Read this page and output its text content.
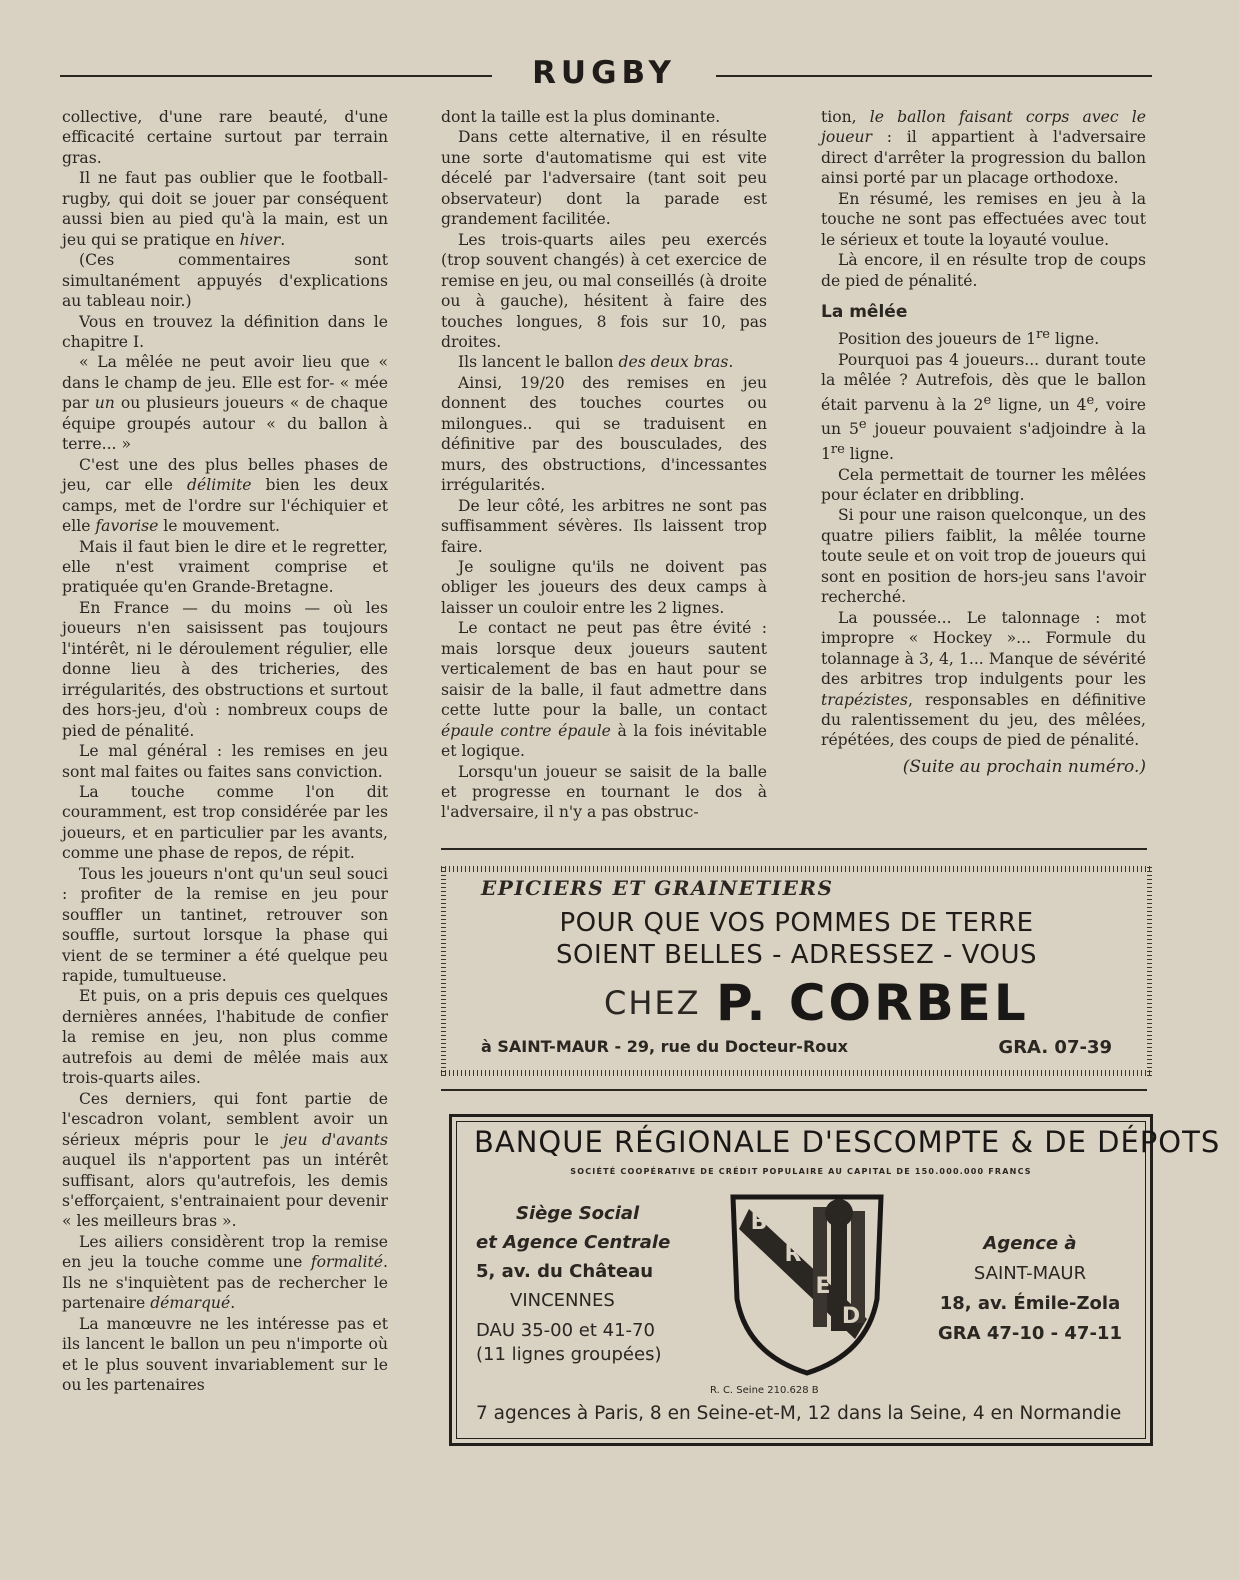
RUGBY

collective, d'une rare beauté, d'une efficacité certaine surtout par terrain gras.

Il ne faut pas oublier que le football-rugby, qui doit se jouer par conséquent aussi bien au pied qu'à la main, est un jeu qui se pratique en hiver.

(Ces commentaires sont simultanément appuyés d'explications au tableau noir.)

Vous en trouvez la définition dans le chapitre I.

« La mêlée ne peut avoir lieu que « dans le champ de jeu. Elle est for- « mée par un ou plusieurs joueurs « de chaque équipe groupés autour « du ballon à terre... »

C'est une des plus belles phases de jeu, car elle délimite bien les deux camps, met de l'ordre sur l'échiquier et elle favorise le mouvement.

Mais il faut bien le dire et le regretter, elle n'est vraiment comprise et pratiquée qu'en Grande-Bretagne.

En France — du moins — où les joueurs n'en saisissent pas toujours l'intérêt, ni le déroulement régulier, elle donne lieu à des tricheries, des irrégularités, des obstructions et surtout des hors-jeu, d'où : nombreux coups de pied de pénalité.

Le mal général : les remises en jeu sont mal faites ou faites sans conviction.

La touche comme l'on dit couramment, est trop considérée par les joueurs, et en particulier par les avants, comme une phase de repos, de répit.

Tous les joueurs n'ont qu'un seul souci : profiter de la remise en jeu pour souffler un tantinet, retrouver son souffle, surtout lorsque la phase qui vient de se terminer a été quelque peu rapide, tumultueuse.

Et puis, on a pris depuis ces quelques dernières années, l'habitude de confier la remise en jeu, non plus comme autrefois au demi de mêlée mais aux trois-quarts ailes.

Ces derniers, qui font partie de l'escadron volant, semblent avoir un sérieux mépris pour le jeu d'avants auquel ils n'apportent pas un intérêt suffisant, alors qu'autrefois, les demis s'efforçaient, s'entrainaient pour devenir « les meilleurs bras ».

Les ailiers considèrent trop la remise en jeu la touche comme une formalité. Ils ne s'inquiètent pas de rechercher le partenaire démarqué.

La manœuvre ne les intéresse pas et ils lancent le ballon un peu n'importe où et le plus souvent invariablement sur le ou les partenaires

dont la taille est la plus dominante.

Dans cette alternative, il en résulte une sorte d'automatisme qui est vite décelé par l'adversaire (tant soit peu observateur) dont la parade est grandement facilitée.

Les trois-quarts ailes peu exercés (trop souvent changés) à cet exercice de remise en jeu, ou mal conseillés (à droite ou à gauche), hésitent à faire des touches longues, 8 fois sur 10, pas droites.

Ils lancent le ballon des deux bras.

Ainsi, 19/20 des remises en jeu donnent des touches courtes ou milongues.. qui se traduisent en définitive par des bousculades, des murs, des obstructions, d'incessantes irrégularités.

De leur côté, les arbitres ne sont pas suffisamment sévères. Ils laissent trop faire.

Je souligne qu'ils ne doivent pas obliger les joueurs des deux camps à laisser un couloir entre les 2 lignes.

Le contact ne peut pas être évité : mais lorsque deux joueurs sautent verticalement de bas en haut pour se saisir de la balle, il faut admettre dans cette lutte pour la balle, un contact épaule contre épaule à la fois inévitable et logique.

Lorsqu'un joueur se saisit de la balle et progresse en tournant le dos à l'adversaire, il n'y a pas obstruc-

tion, le ballon faisant corps avec le joueur : il appartient à l'adversaire direct d'arrêter la progression du ballon ainsi porté par un placage orthodoxe.

En résumé, les remises en jeu à la touche ne sont pas effectuées avec tout le sérieux et toute la loyauté voulue.

Là encore, il en résulte trop de coups de pied de pénalité.

La mêlée

Position des joueurs de 1re ligne.

Pourquoi pas 4 joueurs... durant toute la mêlée ? Autrefois, dès que le ballon était parvenu à la 2e ligne, un 4e, voire un 5e joueur pouvaient s'adjoindre à la 1re ligne.

Cela permettait de tourner les mêlées pour éclater en dribbling.

Si pour une raison quelconque, un des quatre piliers faiblit, la mêlée tourne toute seule et on voit trop de joueurs qui sont en position de hors-jeu sans l'avoir recherché.

La poussée... Le talonnage : mot impropre « Hockey »... Formule du tolannage à 3, 4, 1... Manque de sévérité des arbitres trop indulgents pour les trapézistes, responsables en définitive du ralentissement du jeu, des mêlées, répétées, des coups de pied de pénalité.

(Suite au prochain numéro.)
EPICIERS ET GRAINETIERS
POUR QUE VOS POMMES DE TERRE
SOIENT BELLES - ADRESSEZ - VOUS
CHEZ P. CORBEL
à SAINT-MAUR - 29, rue du Docteur-Roux	GRA. 07-39
BANQUE RÉGIONALE D'ESCOMPTE & DE DÉPOTS
SOCIÉTÉ COOPÉRATIVE DE CRÉDIT POPULAIRE AU CAPITAL DE 150.000.000 FRANCS
Siège Social
et Agence Centrale
5, av. du Château
VINCENNES
DAU 35-00 et 41-70
(11 lignes groupées)
B
R
E
D
Agence à
SAINT-MAUR
18, av. Émile-Zola
GRA 47-10 - 47-11
R. C. Seine 210.628 B
7 agences à Paris, 8 en Seine-et-M, 12 dans la Seine, 4 en Normandie
